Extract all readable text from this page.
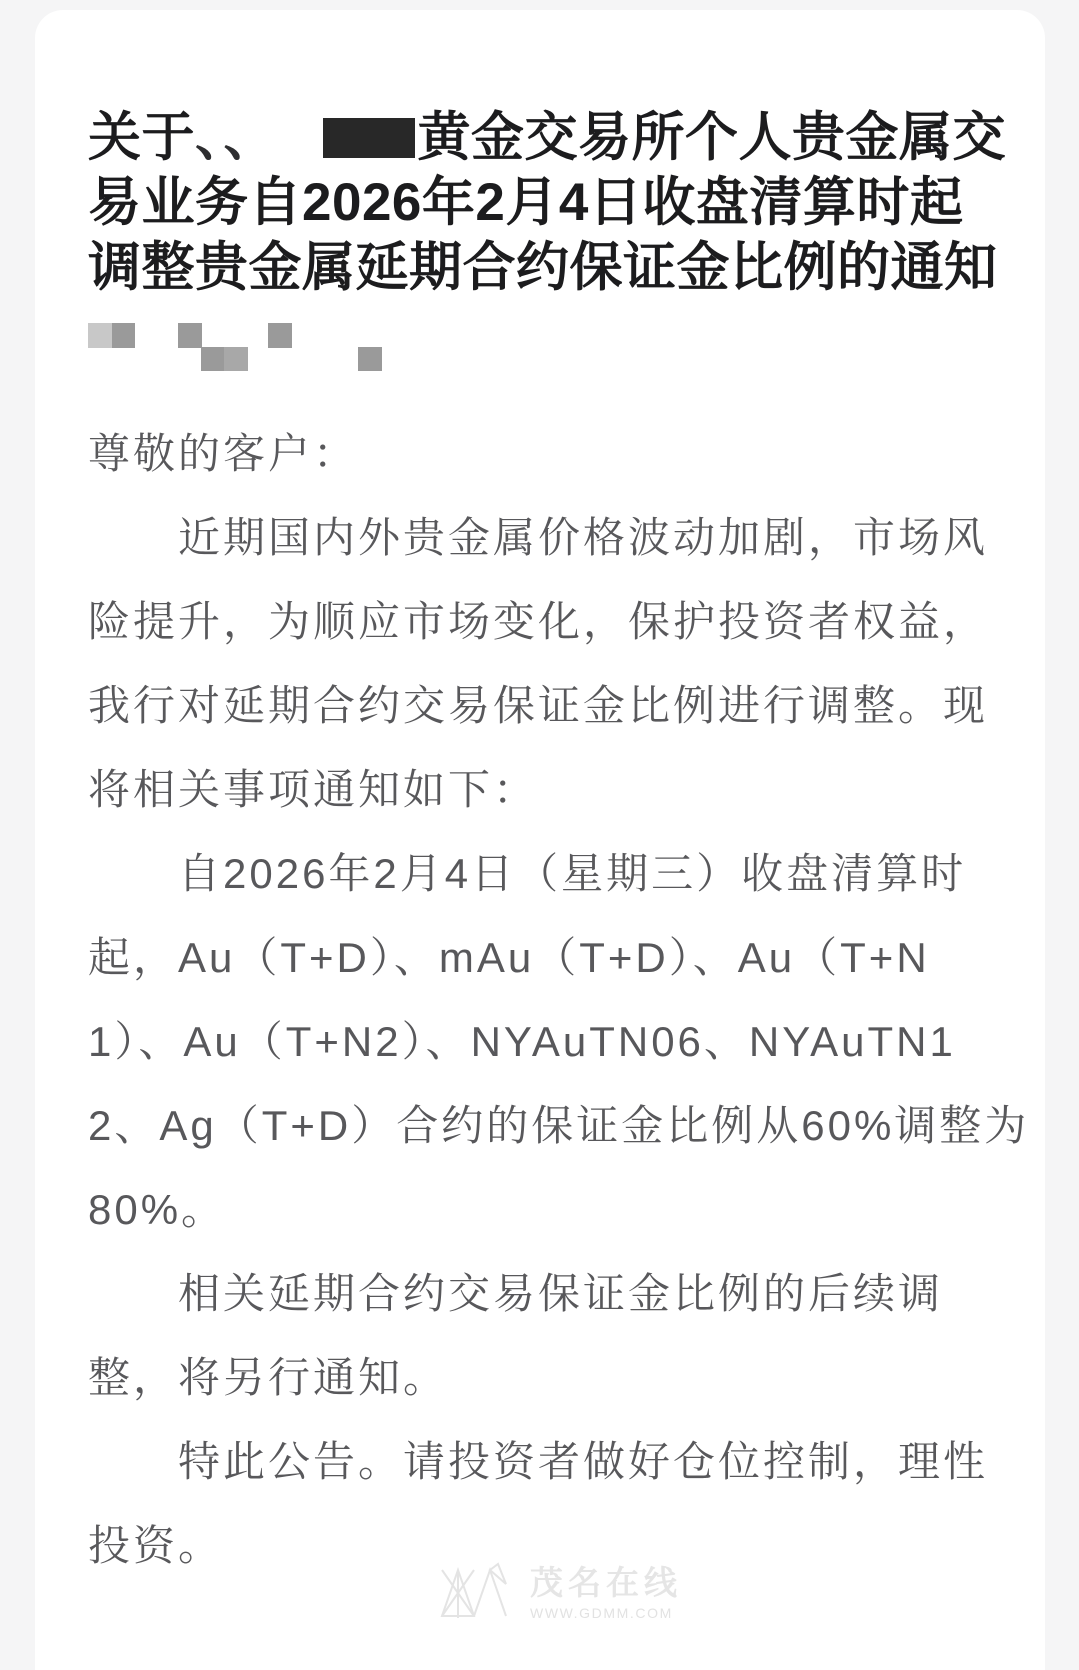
关于、、	黄金交易所个人贵金属交
易业务自2026年2月4日收盘清算时起
调整贵金属延期合约保证金比例的通知
尊敬的客户：
　　近期国内外贵金属价格波动加剧，市场风
险提升，为顺应市场变化，保护投资者权益，
我行对延期合约交易保证金比例进行调整。现
将相关事项通知如下：
　　自2026年2月4日（星期三）收盘清算时
起，Au（T+D）、mAu（T+D）、Au（T+N
1）、Au（T+N2）、NYAuTN06、NYAuTN1
2、Ag（T+D）合约的保证金比例从60%调整为
80%。
　　相关延期合约交易保证金比例的后续调
整，将另行通知。
　　特此公告。请投资者做好仓位控制，理性
投资。
茂名在线
WWW.GDMM.COM
